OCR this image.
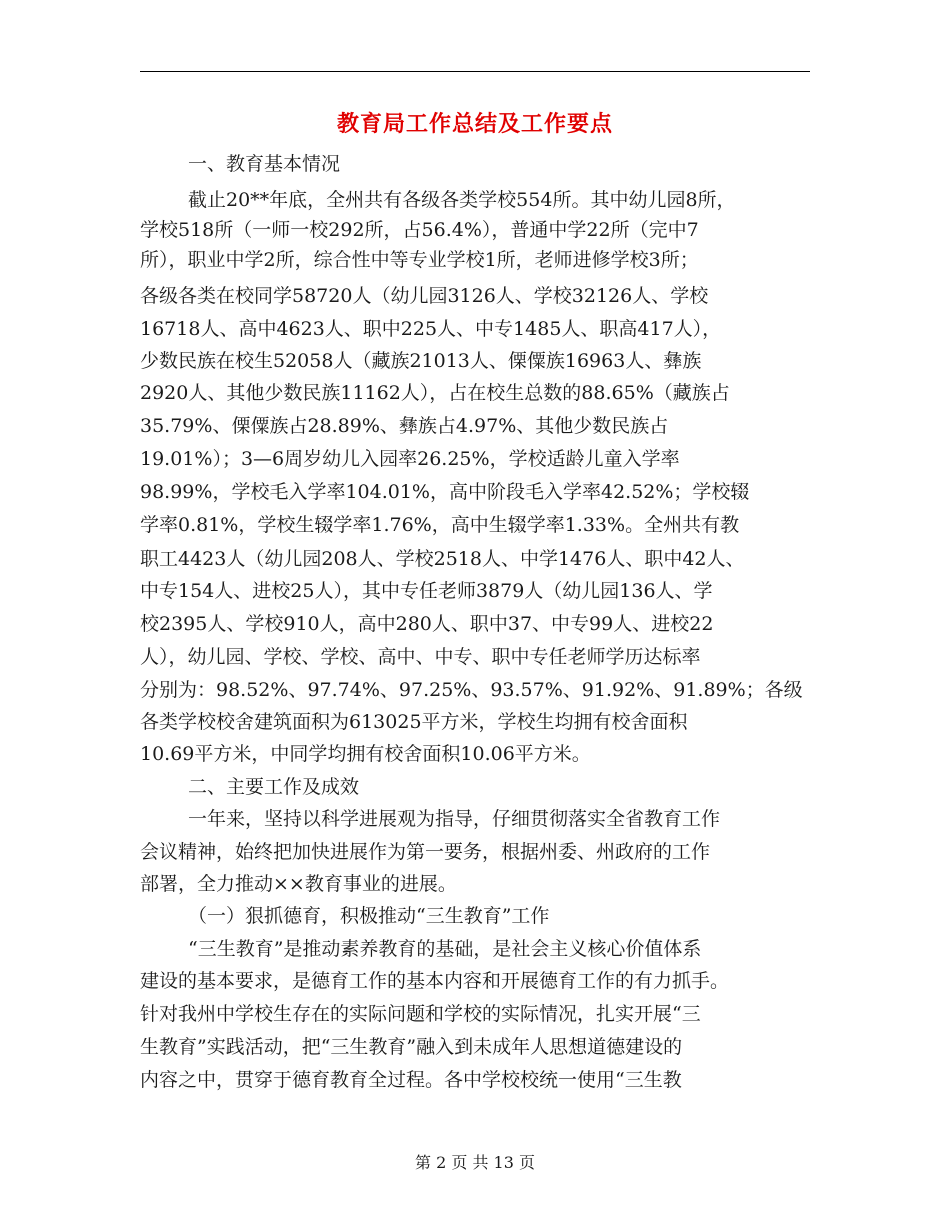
教育局工作总结及工作要点
一、教育基本情况
截止20**年底，全州共有各级各类学校554所。其中幼儿园8所，
学校518所（一师一校292所，占56.4%），普通中学22所（完中7
所），职业中学2所，综合性中等专业学校1所，老师进修学校3所；
各级各类在校同学58720人（幼儿园3126人、学校32126人、学校
16718人、高中4623人、职中225人、中专1485人、职高417人），
少数民族在校生52058人（藏族21013人、傈僳族16963人、彝族
2920人、其他少数民族11162人），占在校生总数的88.65%（藏族占
35.79%、傈僳族占28.89%、彝族占4.97%、其他少数民族占
19.01%）；3—6周岁幼儿入园率26.25%，学校适龄儿童入学率
98.99%，学校毛入学率104.01%，高中阶段毛入学率42.52%；学校辍
学率0.81%，学校生辍学率1.76%，高中生辍学率1.33%。全州共有教
职工4423人（幼儿园208人、学校2518人、中学1476人、职中42人、
中专154人、进校25人），其中专任老师3879人（幼儿园136人、学
校2395人、学校910人，高中280人、职中37、中专99人、进校22
人），幼儿园、学校、学校、高中、中专、职中专任老师学历达标率
分别为：98.52%、97.74%、97.25%、93.57%、91.92%、91.89%；各级
各类学校校舍建筑面积为613025平方米，学校生均拥有校舍面积
10.69平方米，中同学均拥有校舍面积10.06平方米。
二、主要工作及成效
一年来，坚持以科学进展观为指导，仔细贯彻落实全省教育工作
会议精神，始终把加快进展作为第一要务，根据州委、州政府的工作
部署，全力推动××教育事业的进展。
（一）狠抓德育，积极推动“三生教育”工作
“三生教育”是推动素养教育的基础，是社会主义核心价值体系
建设的基本要求，是德育工作的基本内容和开展德育工作的有力抓手。
针对我州中学校生存在的实际问题和学校的实际情况，扎实开展“三
生教育”实践活动，把“三生教育”融入到未成年人思想道德建设的
内容之中，贯穿于德育教育全过程。各中学校校统一使用“三生教
第 2 页 共 13 页
